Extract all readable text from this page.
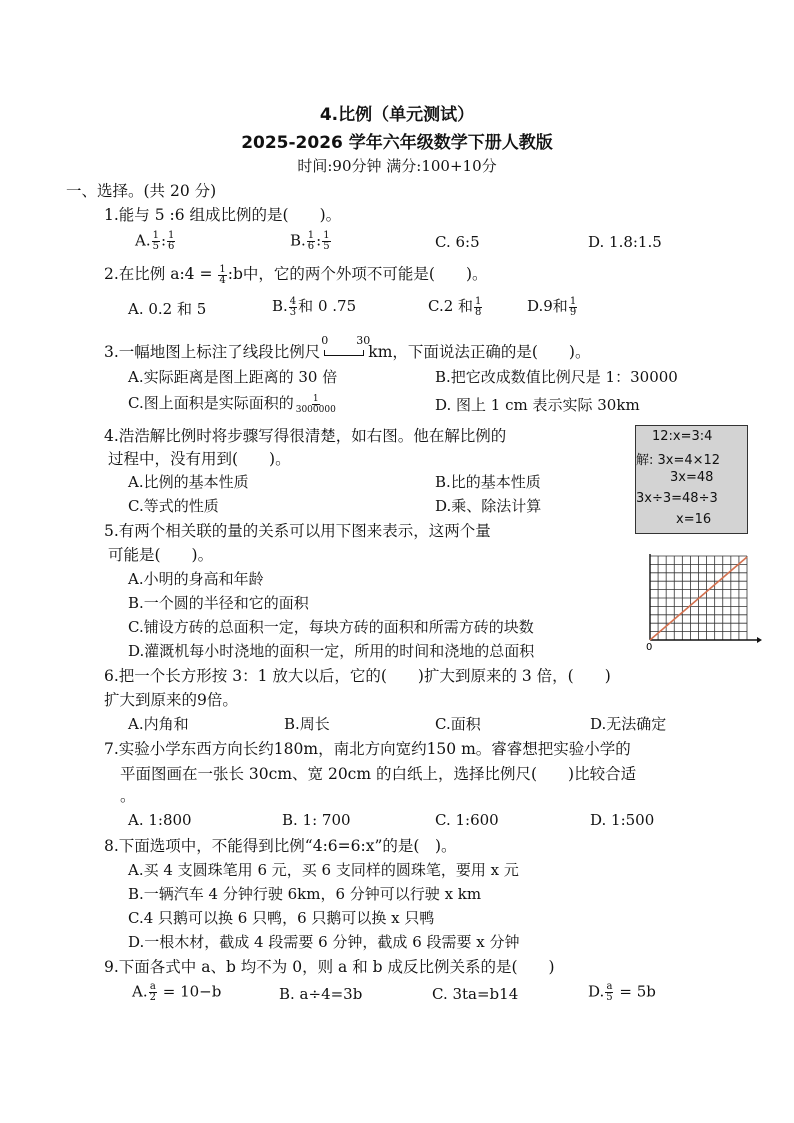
4.比例（单元测试）
2025-2026 学年六年级数学下册人教版
时间:90分钟 满分:100+10分
一、选择。(共 20 分)
1.能与 5 :6 组成比例的是(　　)。
A. $\frac{1}{5}$ : $\frac{1}{6}$	B. $\frac{1}{6}$ : $\frac{1}{5}$	C. 6:5	D. 1.8:1.5
2.在比例 a:4 = $\frac{1}{4}$ :b中，它的两个外项不可能是(　　)。
A. 0.2 和 5	B. $\frac{4}{3}$ 和 0 .75	C.2 和 $\frac{1}{8}$	D.9和 $\frac{1}{9}$
3.一幅地图上标注了线段比例尺
0	30
km，下面说法正确的是(　　)。
A.实际距离是图上距离的 30 倍	B.把它改成数值比例尺是 1：30000
C.图上面积是实际面积的 $\frac{1}{3000000}$	D. 图上 1 cm 表示实际 30km
4.浩浩解比例时将步骤写得很清楚，如右图。他在解比例的
过程中，没有用到(　　)。
A.比例的基本性质	B.比的基本性质
C.等式的性质	D.乘、除法计算
12:x=3:4
解: 3x=4×12
3x=48
3x÷3=48÷3
x=16
5.有两个相关联的量的关系可以用下图来表示，这两个量
可能是(　　)。
A.小明的身高和年龄
B.一个圆的半径和它的面积
C.铺设方砖的总面积一定，每块方砖的面积和所需方砖的块数
D.灌溉机每小时浇地的面积一定，所用的时间和浇地的总面积	0
6.把一个长方形按 3：1 放大以后，它的(　　)扩大到原来的 3 倍，(　　)
扩大到原来的9倍。
A.内角和	B.周长	C.面积	D.无法确定
7.实验小学东西方向长约180m，南北方向宽约150 m。睿睿想把实验小学的
平面图画在一张长 30cm、宽 20cm 的白纸上，选择比例尺(　　)比较合适
。
A. 1:800	B. 1: 700	C. 1:600	D. 1:500
8.下面选项中，不能得到比例“4:6=6:x”的是(　)。
A.买 4 支圆珠笔用 6 元，买 6 支同样的圆珠笔，要用 x 元
B.一辆汽车 4 分钟行驶 6km，6 分钟可以行驶 x km
C.4 只鹅可以换 6 只鸭，6 只鹅可以换 x 只鸭
D.一根木材，截成 4 段需要 6 分钟，截成 6 段需要 x 分钟
9.下面各式中 a、b 均不为 0，则 a 和 b 成反比例关系的是(　　)
A. $\frac{a}{2} = 10-b$	B. a÷4=3b	C. 3ta=b14	D. $\frac{a}{5} = 5b$
